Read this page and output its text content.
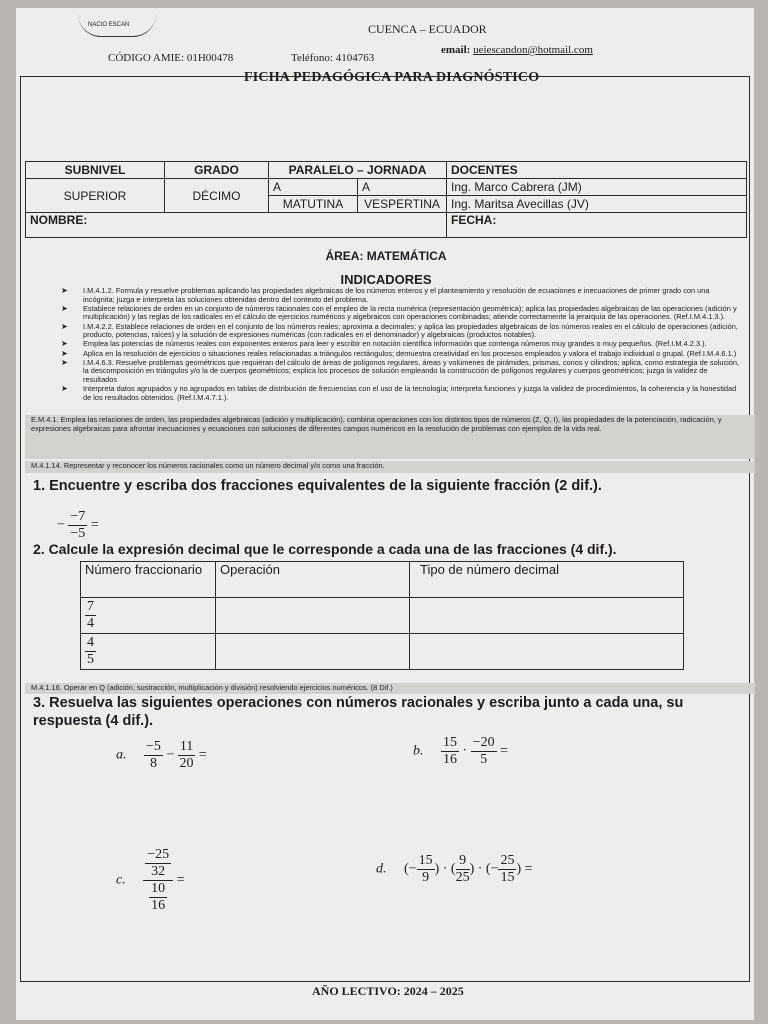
NACIO ESCAN	CUENCA – ECUADOR
CÓDIGO AMIE: 01H00478	Teléfono: 4104763
email: ueiescandon@hotmail.com
FICHA PEDAGÓGICA PARA DIAGNÓSTICO
SUBNIVEL	GRADO	PARALELO – JORNADA		DOCENTES
SUPERIOR	DÉCIMO	A	A	Ing. Marco Cabrera (JM)
		MATUTINA	VESPERTINA	Ing. Maritsa Avecillas (JV)
NOMBRE:				FECHA:
ÁREA: MATEMÁTICA
INDICADORES
➤ I.M.4.1.2. Formula y resuelve problemas aplicando las propiedades algebraicas de los números enteros y el planteamiento y resolución de ecuaciones e inecuaciones de primer grado con una incógnita; juzga e interpreta las soluciones obtenidas dentro del contexto del problema.
➤ Establece relaciones de orden en un conjunto de números racionales con el empleo de la recta numérica (representación geométrica); aplica las propiedades algebraicas de las operaciones (adición y multiplicación) y las reglas de los radicales en el cálculo de ejercicios numéricos y algebraicos con operaciones combinadas; atiende correctamente la jerarquía de las operaciones. (Ref.I.M.4.1.3.).
➤ I.M.4.2.2. Establece relaciones de orden en el conjunto de los números reales; aproxima a decimales; y aplica las propiedades algebraicas de los números reales en el cálculo de operaciones (adición, producto, potencias, raíces) y la solución de expresiones numéricas (con radicales en el denominador) y algebraicas (productos notables).
➤ Emplea las potencias de números reales con exponentes enteros para leer y escribir en notación científica información que contenga números muy grandes o muy pequeños. (Ref.I.M.4.2.3.).
➤ Aplica en la resolución de ejercicios o situaciones reales relacionadas a triángulos rectángulos; demuestra creatividad en los procesos empleados y valora el trabajo individual o grupal. (Ref.I.M.4.6.1.)
➤ I.M.4.6.3. Resuelve problemas geométricos que requieran del cálculo de áreas de polígonos regulares, áreas y volúmenes de pirámides, prismas, conos y cilindros; aplica, como estrategia de solución, la descomposición en triángulos y/o la de cuerpos geométricos; explica los procesos de solución empleando la construcción de polígonos regulares y cuerpos geométricos; juzga la validez de resultados
➤ Interpreta datos agrupados y no agrupados en tablas de distribución de frecuencias con el uso de la tecnología; interpreta funciones y juzga la validez de procedimientos, la coherencia y la honestidad de los resultados obtenidos. (Ref.I.M.4.7.1.).
E.M.4.1. Emplea las relaciones de orden, las propiedades algebraicas (adición y multiplicación), combina operaciones con los distintos tipos de números (Z, Q, I), las propiedades de la potenciación, radicación, y expresiones algebraicas para afrontar inecuaciones y ecuaciones con soluciones de diferentes campos numéricos en la resolución de problemas con ejemplos de la vida real.
M.4.1.14. Representar y reconocer los números racionales como un número decimal y/o como una fracción.
1. Encuentre y escriba dos fracciones equivalentes de la siguiente fracción (2 dif.).
− $\frac{-7}{-5}$ =
2. Calcule la expresión decimal que le corresponde a cada una de las fracciones (4 dif.).
Número fraccionario	Operación	Tipo de número decimal

$\frac{7}{4}$

$\frac{4}{5}$

M.4.1.16. Operar en Q (adición, sustracción, multiplicación y división) resolviendo ejercicios numéricos. (8 Dif.)
3. Resuelva las siguientes operaciones con números racionales y escriba junto a cada una, su respuesta (4 dif.).
a. $\frac{-5}{8} - \frac{11}{20}$ =	b. $\frac{15}{16} \cdot \frac{-20}{5}$ =
c. $\frac{\frac{-25}{32}}{\frac{10}{16}}$ =
d. (− $\frac{15}{9}$ ) · ( $\frac{9}{25}$ ) · (− $\frac{25}{15}$ ) =
AÑO LECTIVO: 2024 – 2025
